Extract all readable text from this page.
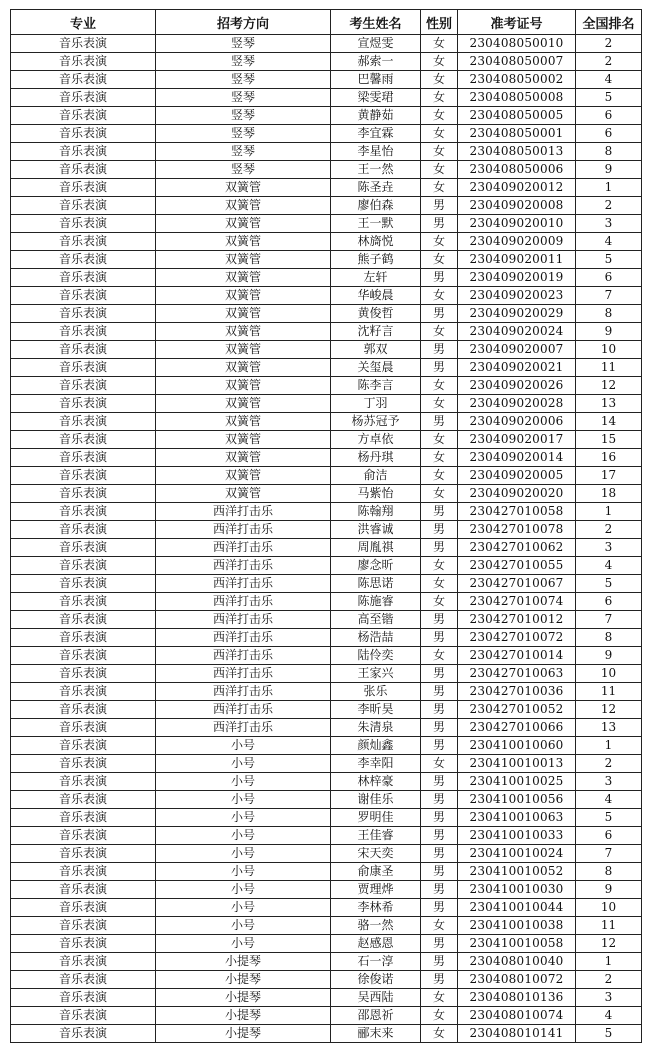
专业	招考方向	考生姓名	性别	准考证号	全国排名
音乐表演	竖琴	宣煜雯	女	230408050010	2
音乐表演	竖琴	郝索一	女	230408050007	2
音乐表演	竖琴	巴馨雨	女	230408050002	4
音乐表演	竖琴	梁雯珺	女	230408050008	5
音乐表演	竖琴	黄静茹	女	230408050005	6
音乐表演	竖琴	李宜霖	女	230408050001	6
音乐表演	竖琴	李星怡	女	230408050013	8
音乐表演	竖琴	王一然	女	230408050006	9
音乐表演	双簧管	陈圣垚	女	230409020012	1
音乐表演	双簧管	廖伯森	男	230409020008	2
音乐表演	双簧管	王一默	男	230409020010	3
音乐表演	双簧管	林旖悦	女	230409020009	4
音乐表演	双簧管	熊子鹤	女	230409020011	5
音乐表演	双簧管	左轩	男	230409020019	6
音乐表演	双簧管	华峻晨	女	230409020023	7
音乐表演	双簧管	黄俊哲	男	230409020029	8
音乐表演	双簧管	沈籽言	女	230409020024	9
音乐表演	双簧管	郭双	男	230409020007	10
音乐表演	双簧管	关玺晨	男	230409020021	11
音乐表演	双簧管	陈李言	女	230409020026	12
音乐表演	双簧管	丁羽	女	230409020028	13
音乐表演	双簧管	杨苏冠予	男	230409020006	14
音乐表演	双簧管	方卓依	女	230409020017	15
音乐表演	双簧管	杨丹琪	女	230409020014	16
音乐表演	双簧管	俞洁	女	230409020005	17
音乐表演	双簧管	马紫怡	女	230409020020	18
音乐表演	西洋打击乐	陈翰翔	男	230427010058	1
音乐表演	西洋打击乐	洪睿诚	男	230427010078	2
音乐表演	西洋打击乐	周胤祺	男	230427010062	3
音乐表演	西洋打击乐	廖念昕	女	230427010055	4
音乐表演	西洋打击乐	陈思诺	女	230427010067	5
音乐表演	西洋打击乐	陈施睿	女	230427010074	6
音乐表演	西洋打击乐	高至锴	男	230427010012	7
音乐表演	西洋打击乐	杨浩喆	男	230427010072	8
音乐表演	西洋打击乐	陆伶奕	女	230427010014	9
音乐表演	西洋打击乐	王家兴	男	230427010063	10
音乐表演	西洋打击乐	张乐	男	230427010036	11
音乐表演	西洋打击乐	李昕昊	男	230427010052	12
音乐表演	西洋打击乐	朱清泉	男	230427010066	13
音乐表演	小号	颜灿鑫	男	230410010060	1
音乐表演	小号	李幸阳	女	230410010013	2
音乐表演	小号	林梓豪	男	230410010025	3
音乐表演	小号	谢佳乐	男	230410010056	4
音乐表演	小号	罗明佳	男	230410010063	5
音乐表演	小号	王佳睿	男	230410010033	6
音乐表演	小号	宋天奕	男	230410010024	7
音乐表演	小号	俞康圣	男	230410010052	8
音乐表演	小号	贾理烨	男	230410010030	9
音乐表演	小号	李林希	男	230410010044	10
音乐表演	小号	骆一然	女	230410010038	11
音乐表演	小号	赵感恩	男	230410010058	12
音乐表演	小提琴	石一淳	男	230408010040	1
音乐表演	小提琴	徐俊诺	男	230408010072	2
音乐表演	小提琴	吴西陆	女	230408010136	3
音乐表演	小提琴	邵恩祈	女	230408010074	4
音乐表演	小提琴	郦末来	女	230408010141	5
